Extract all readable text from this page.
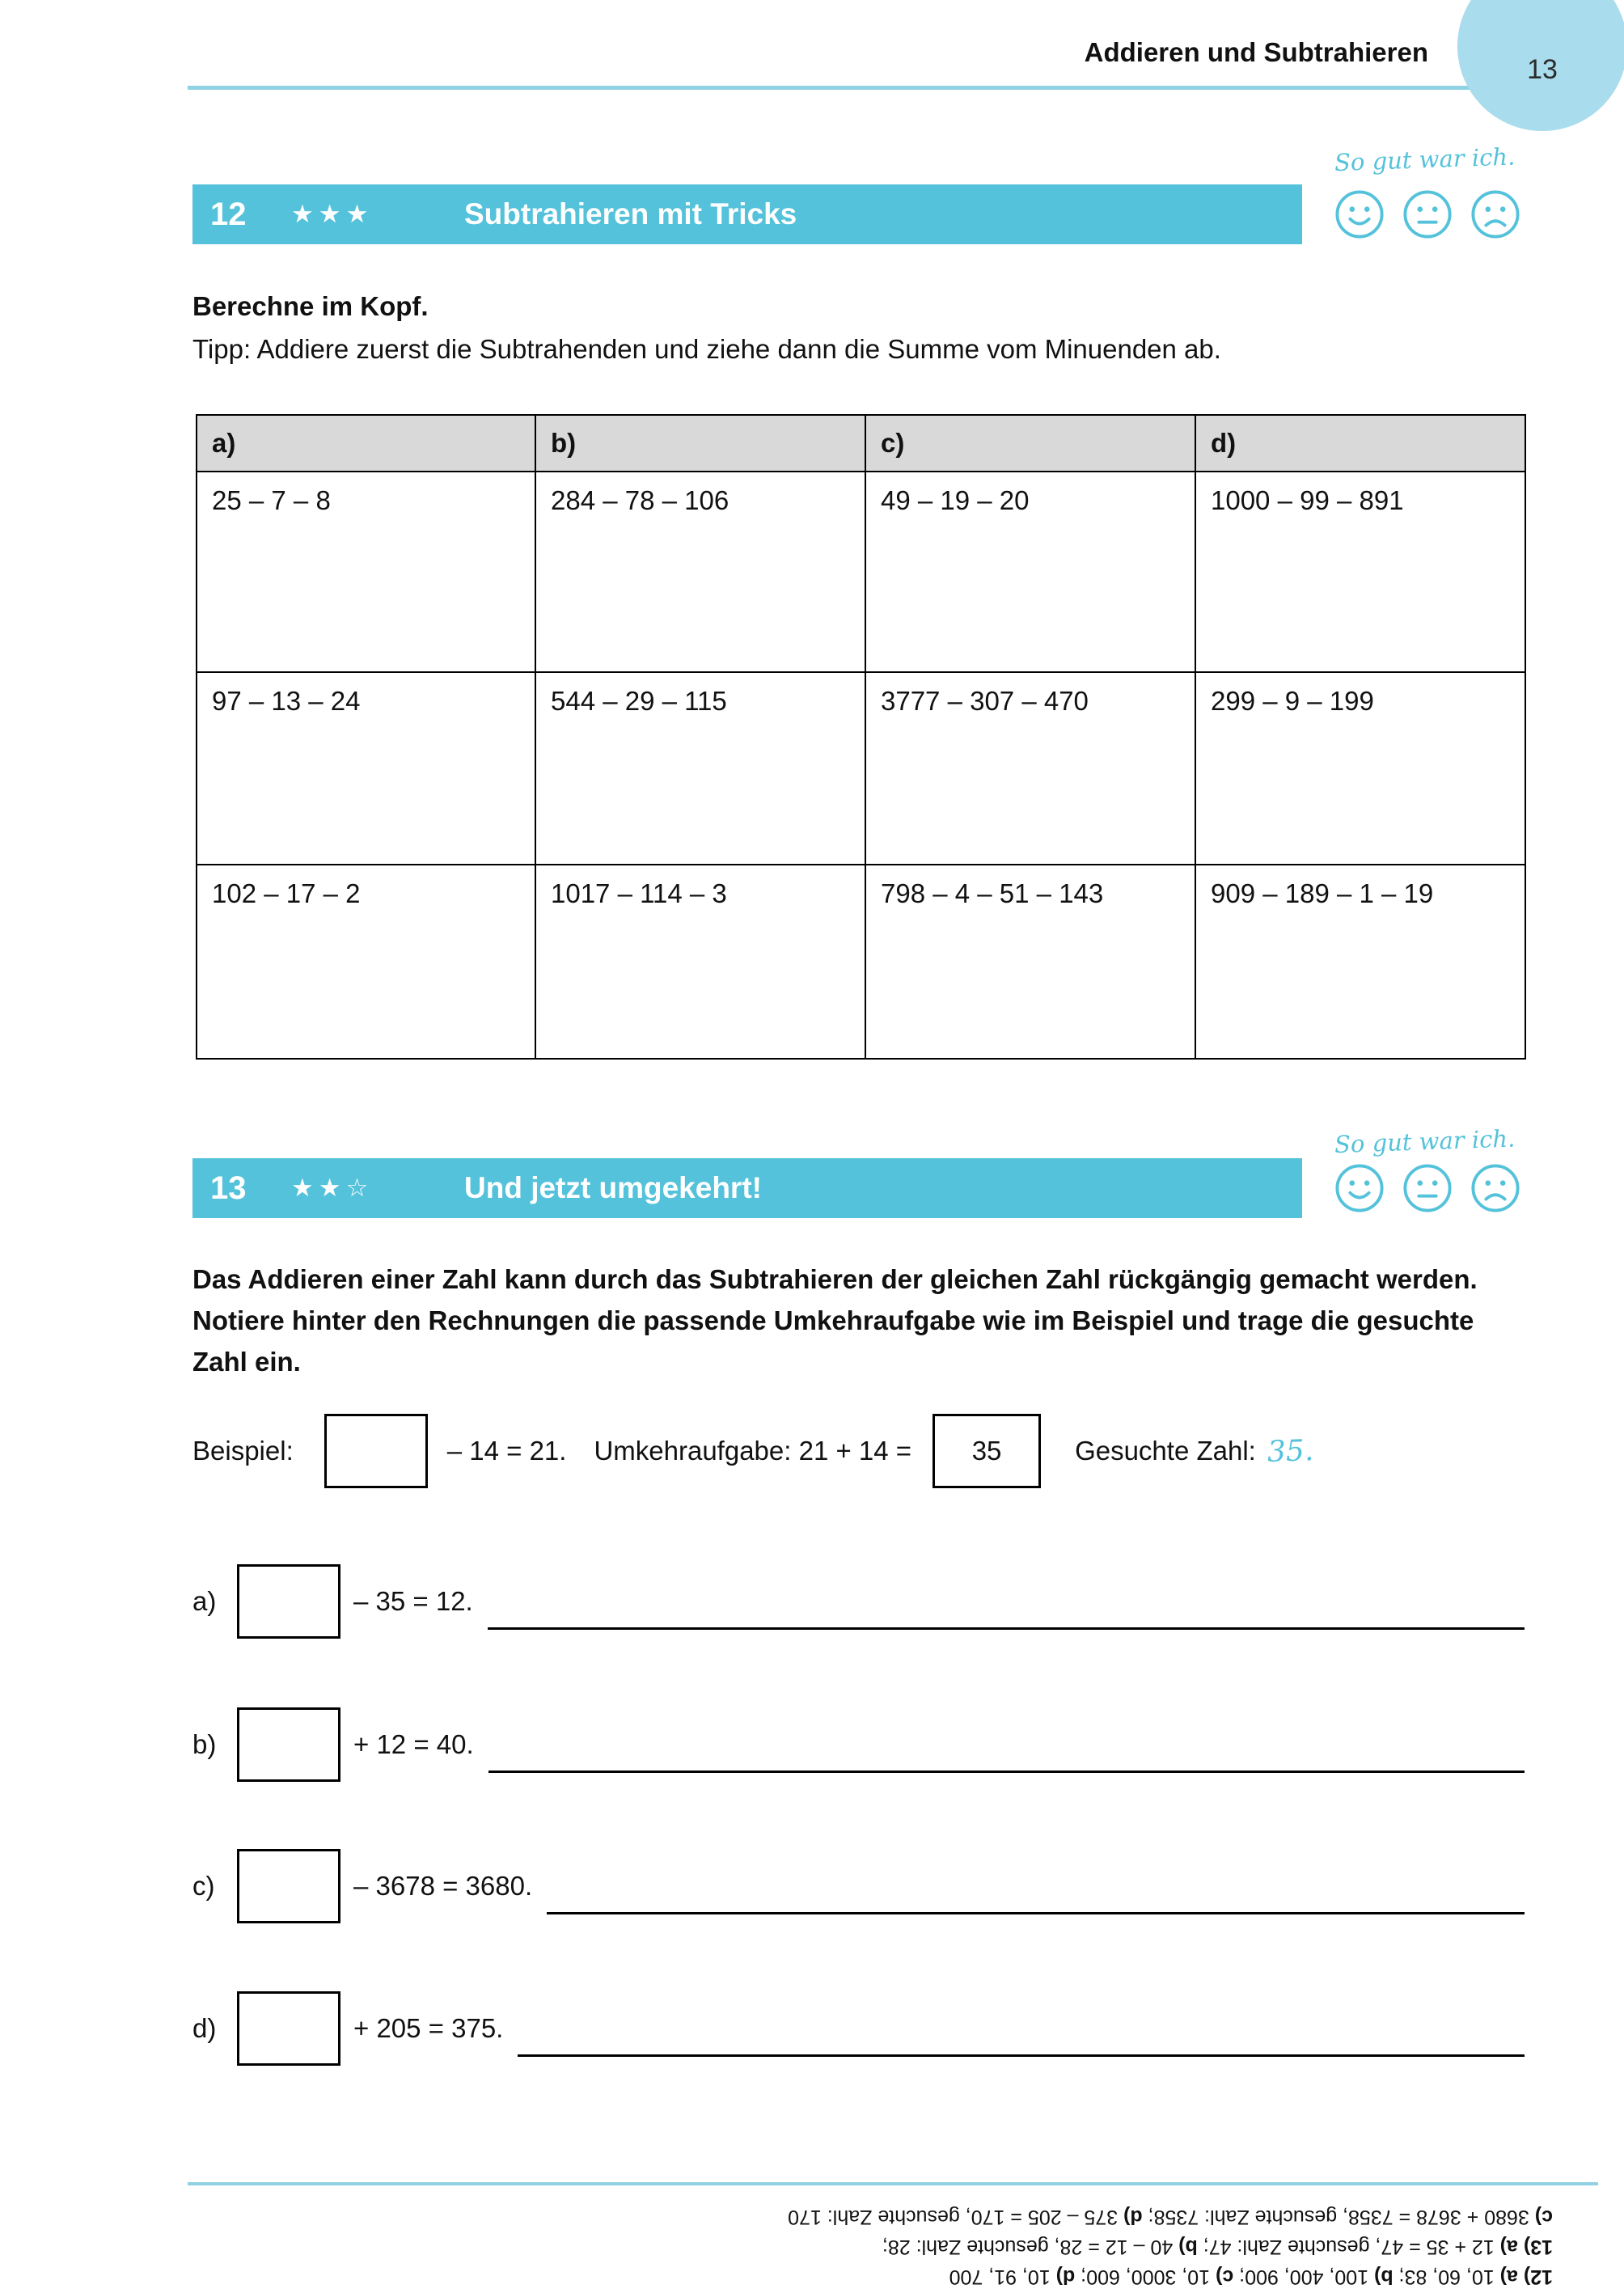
Addieren und Subtrahieren
13
So gut war ich.
12	★★★	Subtrahieren mit Tricks
Berechne im Kopf.
Tipp: Addiere zuerst die Subtrahenden und ziehe dann die Summe vom Minuenden ab.
a)	b)	c)	d)
25 – 7 – 8	284 – 78 – 106	49 – 19 – 20	1000 – 99 – 891
97 – 13 – 24	544 – 29 – 115	3777 – 307 – 470	299 – 9 – 199
102 – 17 – 2	1017 – 114 – 3	798 – 4 – 51 – 143	909 – 189 – 1 – 19
So gut war ich.
13	★★☆	Und jetzt umgekehrt!
Das Addieren einer Zahl kann durch das Subtrahieren der gleichen Zahl rückgängig gemacht werden. Notiere hinter den Rechnungen die passende Umkehraufgabe wie im Beispiel und trage die gesuchte Zahl ein.
Beispiel:	– 14 = 21. Umkehraufgabe: 21 + 14 =	35	Gesuchte Zahl: 35.
a)	– 35 = 12.
b)	+ 12 = 40.
c)	– 3678 = 3680.
d)	+ 205 = 375.
12) a) 10, 60, 83; b) 100, 400, 900; c) 10, 3000, 600; d) 10, 91, 700
13) a) 12 + 35 = 47, gesuchte Zahl: 47; b) 40 – 12 = 28, gesuchte Zahl: 28;
c) 3680 + 3678 = 7358, gesuchte Zahl: 7358; d) 375 – 205 = 170, gesuchte Zahl: 170
